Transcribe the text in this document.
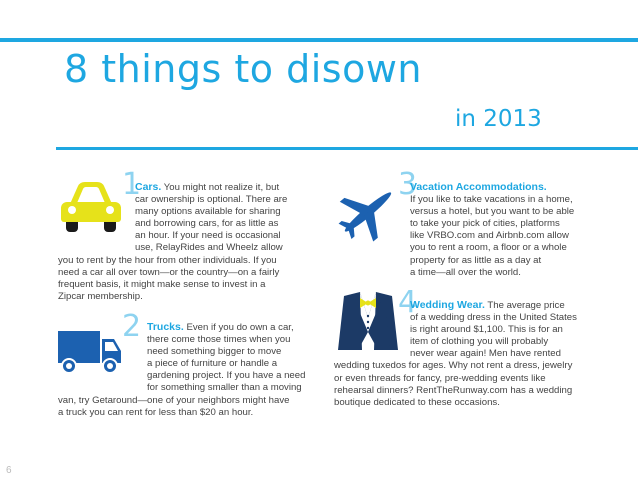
8 things to disown
in 2013
1
Cars. You might not realize it, but
car ownership is optional. There are
many options available for sharing
and borrowing cars, for as little as
an hour. If your need is occasional
use, RelayRides and Wheelz allow
you to rent by the hour from other individuals. If you
need a car all over town—or the country—on a fairly
frequent basis, it might make sense to invest in a
Zipcar membership.
2 Trucks. Even if you do own a car,
there come those times when you
need something bigger to move
a piece of furniture or handle a
gardening project. If you have a need
for something smaller than a moving
van, try Getaround—one of your neighbors might have
a truck you can rent for less than $20 an hour.
3
Vacation Accommodations.
If you like to take vacations in a home,
versus a hotel, but you want to be able
to take your pick of cities, platforms
like VRBO.com and Airbnb.com allow
you to rent a room, a floor or a whole
property for as little as a day at
a time—all over the world.
4
Wedding Wear. The average price
of a wedding dress in the United States
is right around $1,100. This is for an
item of clothing you will probably
never wear again! Men have rented
wedding tuxedos for ages. Why not rent a dress, jewelry
or even threads for fancy, pre-wedding events like
rehearsal dinners? RentTheRunway.com has a wedding
boutique dedicated to these occasions.
6
